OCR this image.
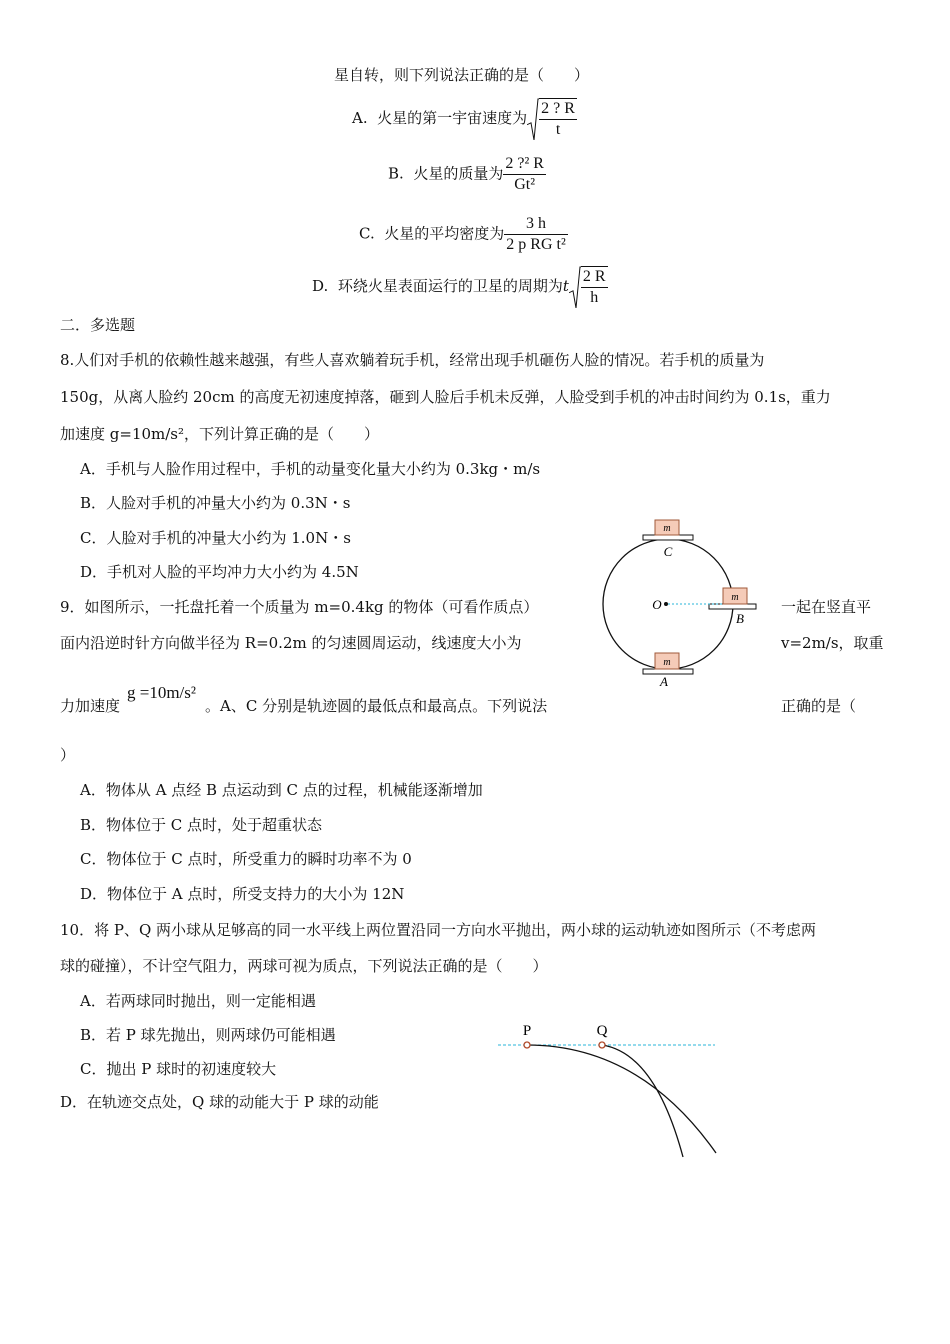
星自转，则下列说法正确的是（　　）
A. 火星的第一宇宙速度为 $\frac{2 ? R}{t}$
B. 火星的质量为 $\frac{\text{2 ?² R}}{\text{Gt²}}$
C. 火星的平均密度为 $\frac{3 h}{\text{2 p RG t²}}$
D. 环绕火星表面运行的卫星的周期为t $\frac{2 R}{h}$
二．多选题
8.人们对手机的依赖性越来越强，有些人喜欢躺着玩手机，经常出现手机砸伤人脸的情况。若手机的质量为
150g，从离人脸约 20cm 的高度无初速度掉落，砸到人脸后手机未反弹，人脸受到手机的冲击时间约为 0.1s，重力
加速度 g=10m/s²，下列计算正确的是（　　）
A．手机与人脸作用过程中，手机的动量变化量大小约为 0.3kg・m/s
B．人脸对手机的冲量大小约为 0.3N・s
C．人脸对手机的冲量大小约为 1.0N・s
D．手机对人脸的平均冲力大小约为 4.5N
9．如图所示，一托盘托着一个质量为 m=0.4kg 的物体（可看作质点）	一起在竖直平
面内沿逆时针方向做半径为 R=0.2m 的匀速圆周运动，线速度大小为	v=2m/s，取重
力加速度
g =10m/s²
。A、C 分别是轨迹圆的最低点和最高点。下列说法	正确的是（
）
A．物体从 A 点经 B 点运动到 C 点的过程，机械能逐渐增加
B．物体位于 C 点时，处于超重状态
C．物体位于 C 点时，所受重力的瞬时功率不为 0
D．物体位于 A 点时，所受支持力的大小为 12N
m
C
m
B
O
m
A
10．将 P、Q 两小球从足够高的同一水平线上两位置沿同一方向水平抛出，两小球的运动轨迹如图所示（不考虑两
球的碰撞），不计空气阻力，两球可视为质点，下列说法正确的是（　　）
A．若两球同时抛出，则一定能相遇
B．若 P 球先抛出，则两球仍可能相遇
C．抛出 P 球时的初速度较大
D．在轨迹交点处，Q 球的动能大于 P 球的动能
P	Q
